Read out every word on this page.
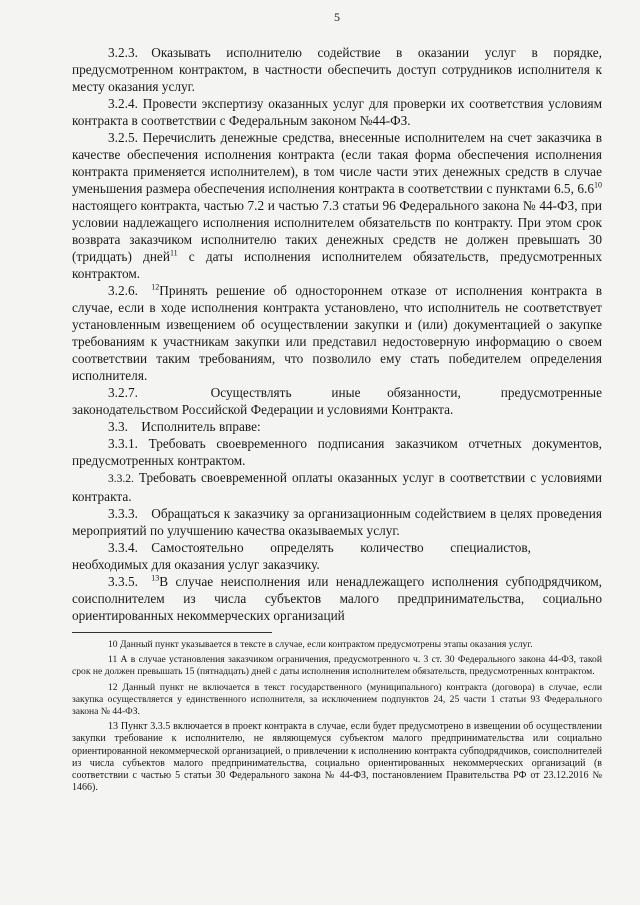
5

3.2.3. Оказывать исполнителю содействие в оказании услуг в порядке, предусмотренном контрактом, в частности обеспечить доступ сотрудников исполнителя к месту оказания услуг.

3.2.4. Провести экспертизу оказанных услуг для проверки их соответствия условиям контракта в соответствии с Федеральным законом №44-ФЗ.

3.2.5. Перечислить денежные средства, внесенные исполнителем на счет заказчика в качестве обеспечения исполнения контракта (если такая форма обеспечения исполнения контракта применяется исполнителем), в том числе части этих денежных средств в случае уменьшения размера обеспечения исполнения контракта в соответствии с пунктами 6.5, $6.6^{10}$ настоящего контракта, частью 7.2 и частью 7.3 статьи 96 Федерального закона № 44-ФЗ, при условии надлежащего исполнения исполнителем обязательств по контракту. При этом срок возврата заказчиком исполнителю таких денежных средств не должен превышать 30 (тридцать) дней$^{11}$ с даты исполнения исполнителем обязательств, предусмотренных контрактом.

3.2.6. $^{12}$Принять решение об одностороннем отказе от исполнения контракта в случае, если в ходе исполнения контракта установлено, что исполнитель не соответствует установленным извещением об осуществлении закупки и (или) документацией о закупке требованиям к участникам закупки или представил недостоверную информацию о своем соответствии таким требованиям, что позволило ему стать победителем определения исполнителя.

3.2.7. Осуществлять   иные  обязанности,   предусмотренные законодательством Российской Федерации и условиями Контракта.

3.3. Исполнитель вправе:

3.3.1. Требовать своевременного подписания заказчиком отчетных документов, предусмотренных контрактом.

3.3.2. Требовать своевременной оплаты оказанных услуг в соответствии с условиями контракта.

3.3.3. Обращаться к заказчику за организационным содействием в целях проведения мероприятий по улучшению качества оказываемых услуг.

3.3.4. Самостоятельно  определять  количество  специалистов, необходимых для оказания услуг заказчику.

3.3.5. $^{13}$В случае неисполнения или ненадлежащего исполнения субподрядчиком, соисполнителем из числа субъектов малого предпринимательства, социально ориентированных некоммерческих организаций

10 Данный пункт указывается в тексте в случае, если контрактом предусмотрены этапы оказания услуг.

11 А в случае установления заказчиком ограничения, предусмотренного ч. 3 ст. 30 Федерального закона 44-ФЗ, такой срок не должен превышать 15 (пятнадцать) дней с даты исполнения исполнителем обязательств, предусмотренных контрактом.

12 Данный пункт не включается в текст государственного (муниципального) контракта (договора) в случае, если закупка осуществляется у единственного исполнителя, за исключением подпунктов 24, 25 части 1 статьи 93 Федерального закона № 44-ФЗ.

13 Пункт 3.3.5 включается в проект контракта в случае, если будет предусмотрено в извещении об осуществлении закупки требование к исполнителю, не являющемуся субъектом малого предпринимательства или социально ориентированной некоммерческой организацией, о привлечении к исполнению контракта субподрядчиков, соисполнителей из числа субъектов малого предпринимательства, социально ориентированных некоммерческих организаций (в соответствии с частью 5 статьи 30 Федерального закона № 44-ФЗ, постановлением Правительства РФ от 23.12.2016 № 1466).
